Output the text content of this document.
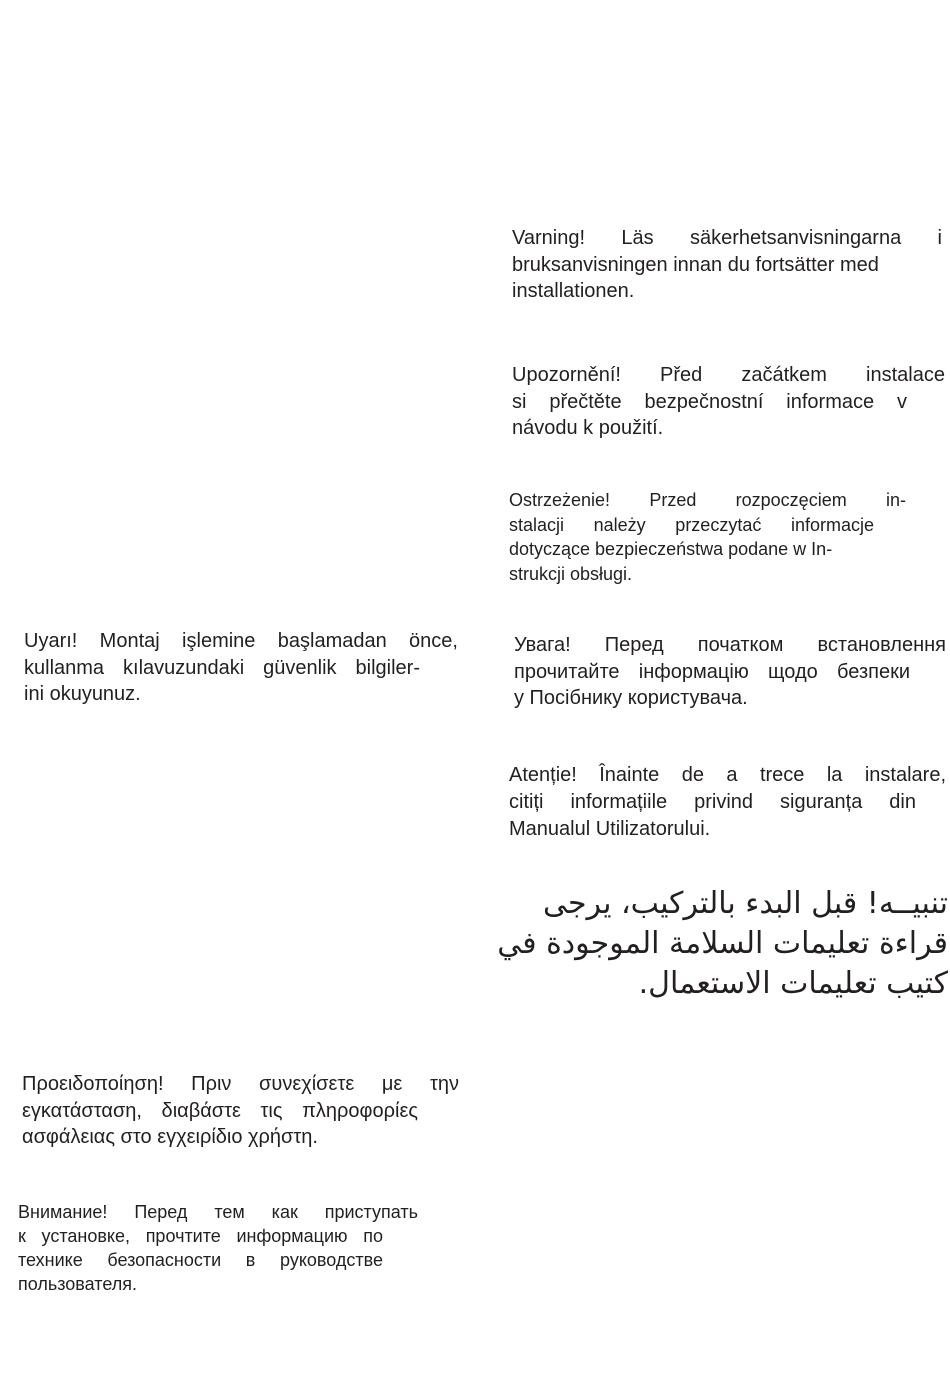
Uyarı! Montaj işlemine başlamadan önce,
kullanma kılavuzundaki güvenlik bilgiler-
ini okuyunuz.
Προειδοποίηση! Πριν συνεχίσετε με την
εγκατάσταση, διαβάστε τις πληροφορίες
ασφάλειας στο εγχειρίδιο χρήστη.
Внимание! Перед тем как приступать
к установке, прочтите информацию по
технике безопасности в руководстве
пользователя.
Varning! Läs säkerhetsanvisningarna i
bruksanvisningen innan du fortsätter med
installationen.
Upozornění! Před začátkem instalace
si přečtěte bezpečnostní informace v
návodu k použití.
Ostrzeżenie! Przed rozpoczęciem in-
stalacji należy przeczytać informacje
dotyczące bezpieczeństwa podane w In-
strukcji obsługi.
Увага! Перед початком встановлення
прочитайте інформацію щодо безпеки
у Посібнику користувача.
Atenție! Înainte de a trece la instalare,
citiți informațiile privind siguranța din
Manualul Utilizatorului.
تنبيــه! قبل البدء بالتركيب، يرجى
قراءة تعليمات السلامة الموجودة في
كتيب تعليمات الاستعمال.
